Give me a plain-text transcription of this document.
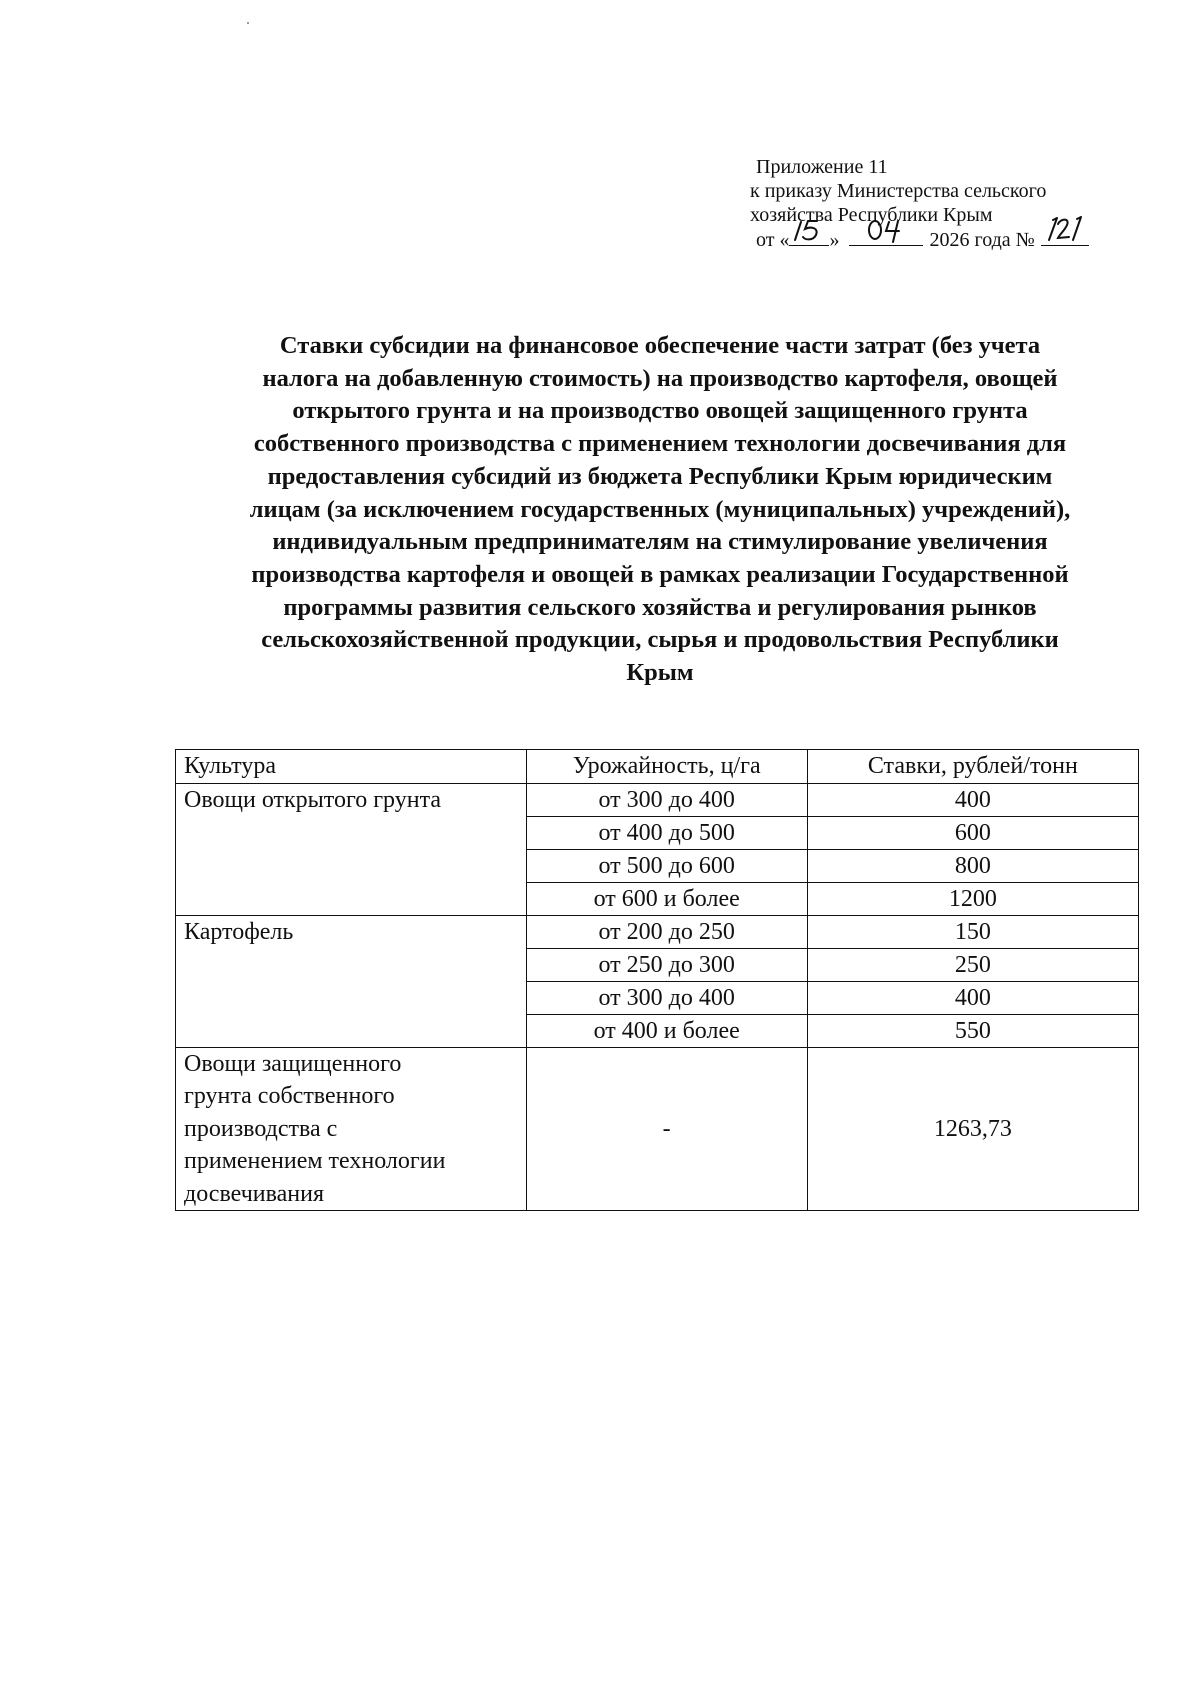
Приложение 11
к приказу Министерства сельского
хозяйства Республики Крым
от « »	2026 года №
Ставки субсидии на финансовое обеспечение части затрат (без учета
налога на добавленную стоимость) на производство картофеля, овощей
открытого грунта и на производство овощей защищенного грунта
собственного производства с применением технологии досвечивания для
предоставления субсидий из бюджета Республики Крым юридическим
лицам (за исключением государственных (муниципальных) учреждений),
индивидуальным предпринимателям на стимулирование увеличения
производства картофеля и овощей в рамках реализации Государственной
программы развития сельского хозяйства и регулирования рынков
сельскохозяйственной продукции, сырья и продовольствия Республики
Крым
Культура	Урожайность, ц/га	Ставки, рублей/тонн
Овощи открытого грунта	от 300 до 400	400
	от 400 до 500	600
	от 500 до 600	800
	от 600 и более	1200
Картофель	от 200 до 250	150
	от 250 до 300	250
	от 300 до 400	400
	от 400 и более	550

Овощи защищенного
грунта собственного
производства с
применением технологии
досвечивания	-	1263,73
